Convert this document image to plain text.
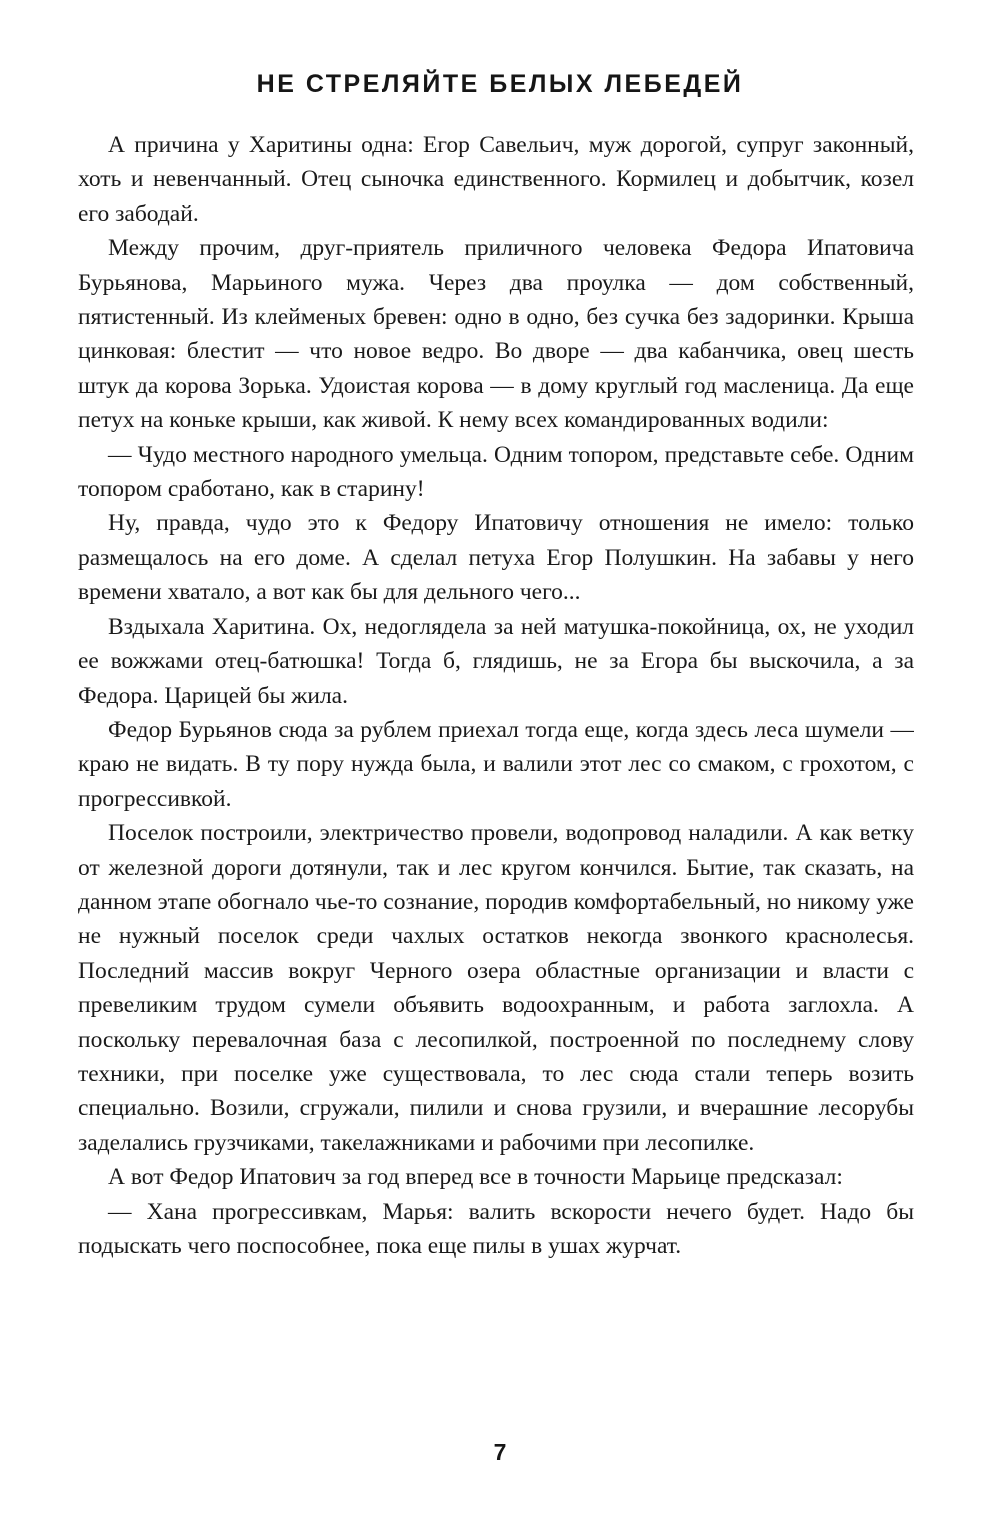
НЕ СТРЕЛЯЙТЕ БЕЛЫХ ЛЕБЕДЕЙ

А причина у Харитины одна: Егор Савельич, муж дорогой, супруг законный, хоть и невенчанный. Отец сыночка единственного. Кормилец и добытчик, козел его забодай.

Между прочим, друг-приятель приличного человека Федора Ипатовича Бурьянова, Марьиного мужа. Через два проулка — дом собственный, пятистенный. Из клейменых бревен: одно в одно, без сучка без задоринки. Крыша цинковая: блестит — что новое ведро. Во дворе — два кабанчика, овец шесть штук да корова Зорька. Удоистая корова — в дому круглый год масленица. Да еще петух на коньке крыши, как живой. К нему всех командированных водили:

— Чудо местного народного умельца. Одним топором, представьте себе. Одним топором сработано, как в старину!

Ну, правда, чудо это к Федору Ипатовичу отношения не имело: только размещалось на его доме. А сделал петуха Егор Полушкин. На забавы у него времени хватало, а вот как бы для дельного чего...

Вздыхала Харитина. Ох, недоглядела за ней матушка-покойница, ох, не уходил ее вожжами отец-батюшка! Тогда б, глядишь, не за Егора бы выскочила, а за Федора. Царицей бы жила.

Федор Бурьянов сюда за рублем приехал тогда еще, когда здесь леса шумели — краю не видать. В ту пору нужда была, и валили этот лес со смаком, с грохотом, с прогрессивкой.

Поселок построили, электричество провели, водопровод наладили. А как ветку от железной дороги дотянули, так и лес кругом кончился. Бытие, так сказать, на данном этапе обогнало чье-то сознание, породив комфортабельный, но никому уже не нужный поселок среди чахлых остатков некогда звонкого краснолесья. Последний массив вокруг Черного озера областные организации и власти с превеликим трудом сумели объявить водоохранным, и работа заглохла. А поскольку перевалочная база с лесопилкой, построенной по последнему слову техники, при поселке уже существовала, то лес сюда стали теперь возить специально. Возили, сгружали, пилили и снова грузили, и вчерашние лесорубы заделались грузчиками, такелажниками и рабочими при лесопилке.

А вот Федор Ипатович за год вперед все в точности Марьице предсказал:

— Хана прогрессивкам, Марья: валить вскорости нечего будет. Надо бы подыскать чего поспособнее, пока еще пилы в ушах журчат.

7
